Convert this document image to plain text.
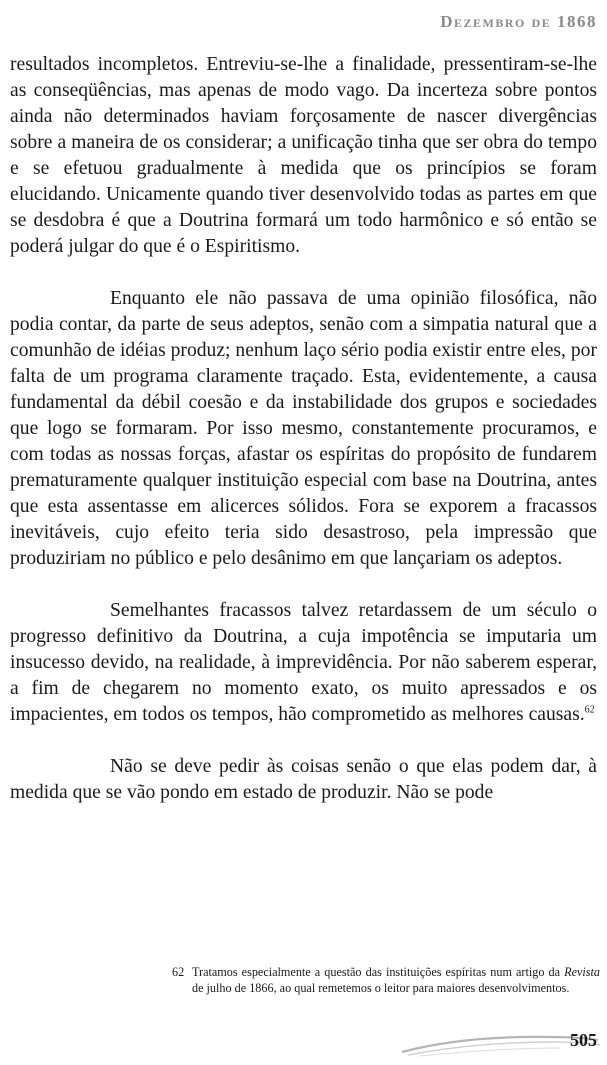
Dezembro de 1868

resultados incompletos. Entreviu-se-lhe a finalidade, pressentiram-se-lhe as conseqüências, mas apenas de modo vago. Da incerteza sobre pontos ainda não determinados haviam forçosamente de nascer divergências sobre a maneira de os considerar; a unificação tinha que ser obra do tempo e se efetuou gradualmente à medida que os princípios se foram elucidando. Unicamente quando tiver desenvolvido todas as partes em que se desdobra é que a Doutrina formará um todo harmônico e só então se poderá julgar do que é o Espiritismo.

Enquanto ele não passava de uma opinião filosófica, não podia contar, da parte de seus adeptos, senão com a simpatia natural que a comunhão de idéias produz; nenhum laço sério podia existir entre eles, por falta de um programa claramente traçado. Esta, evidentemente, a causa fundamental da débil coesão e da instabilidade dos grupos e sociedades que logo se formaram. Por isso mesmo, constantemente procuramos, e com todas as nossas forças, afastar os espíritas do propósito de fundarem prematuramente qualquer instituição especial com base na Doutrina, antes que esta assentasse em alicerces sólidos. Fora se exporem a fracassos inevitáveis, cujo efeito teria sido desastroso, pela impressão que produziriam no público e pelo desânimo em que lançariam os adeptos.

Semelhantes fracassos talvez retardassem de um século o progresso definitivo da Doutrina, a cuja impotência se imputaria um insucesso devido, na realidade, à imprevidência. Por não saberem esperar, a fim de chegarem no momento exato, os muito apressados e os impacientes, em todos os tempos, hão comprometido as melhores causas.$^{62}$

Não se deve pedir às coisas senão o que elas podem dar, à medida que se vão pondo em estado de produzir. Não se pode

62 Tratamos especialmente a questão das instituições espíritas num artigo da Revista de julho de 1866, ao qual remetemos o leitor para maiores desenvolvimentos.
505
